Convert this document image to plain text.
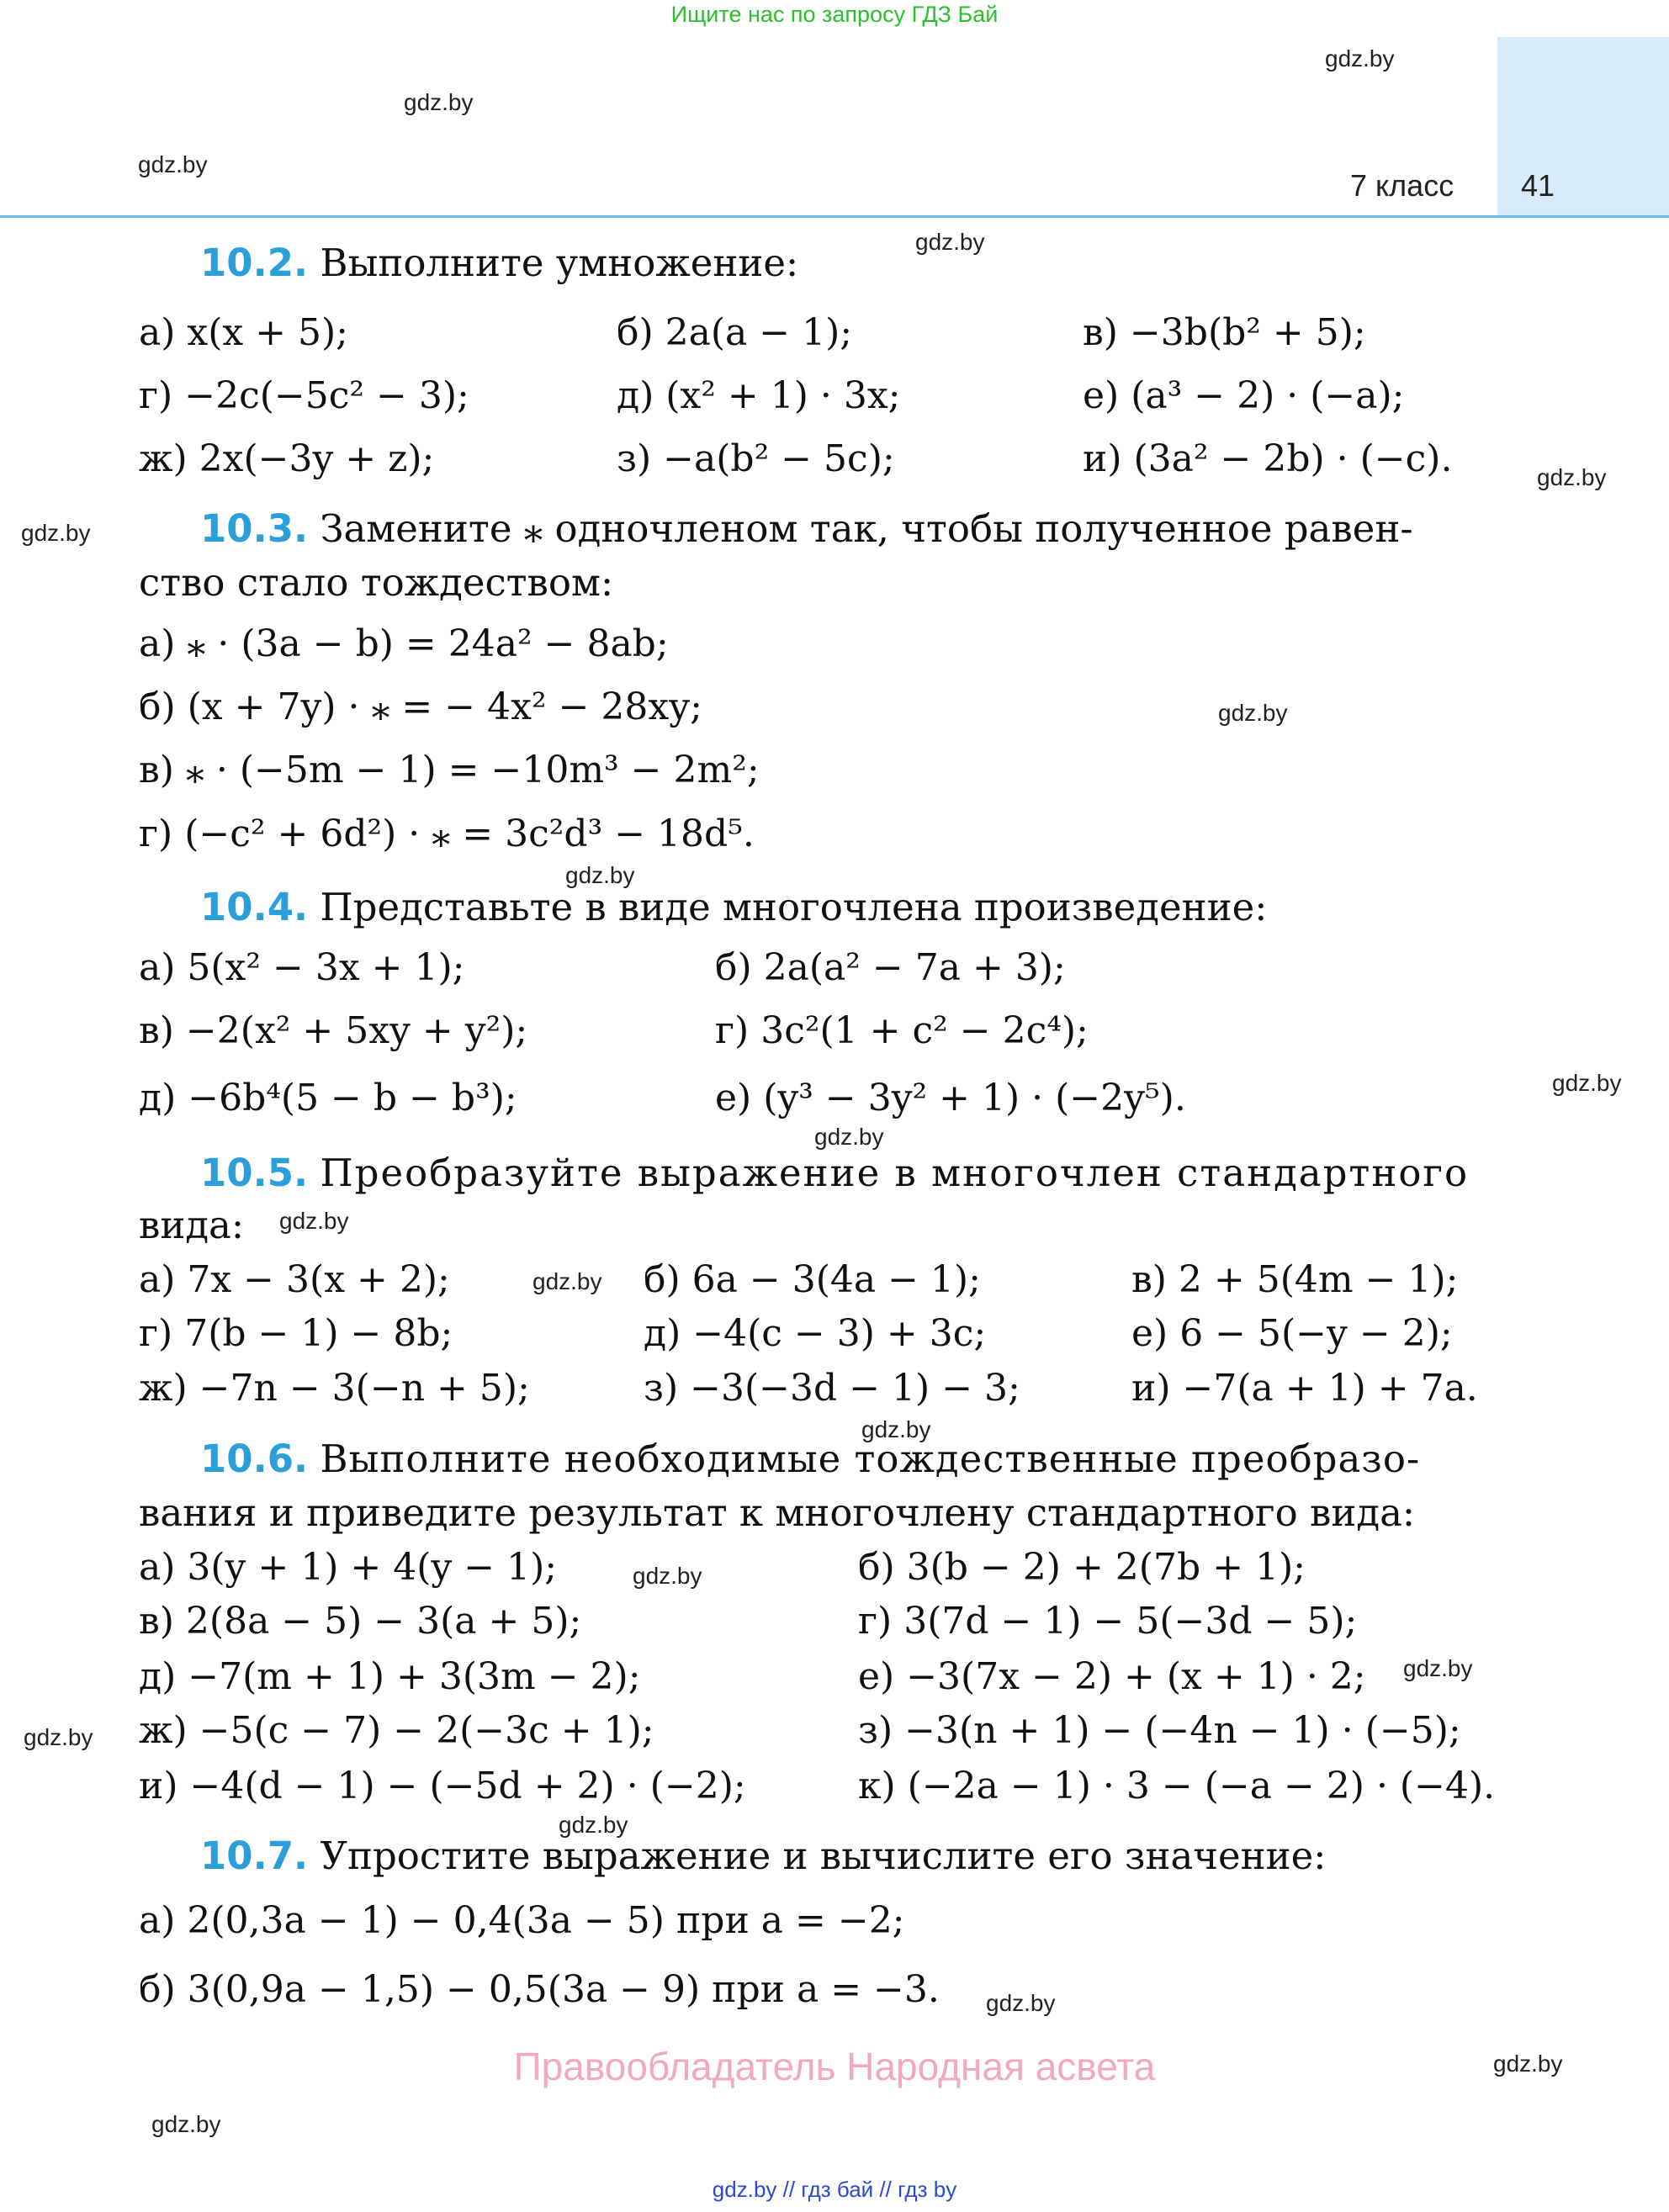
Ищите нас по запросу ГДЗ Бай
7 класс 41
gdz.by
gdz.by
gdz.by
gdz.by
gdz.by
gdz.by
gdz.by
gdz.by
gdz.by
gdz.by
gdz.by
gdz.by
gdz.by
gdz.by
gdz.by
gdz.by
gdz.by
gdz.by
gdz.by
gdz.by
10.2. Выполните умножение:
а) x(x + 5);	б) 2a(a − 1);	в) −3b(b² + 5);
г) −2c(−5c² − 3);	д) (x² + 1) · 3x;	е) (a³ − 2) · (−a);
ж) 2x(−3y + z);	з) −a(b² − 5c);	и) (3a² − 2b) · (−c).
10.3. Замените ⁎ одночленом так, чтобы полученное равен-
ство стало тождеством:
а) ⁎ · (3a − b) = 24a² − 8ab;
б) (x + 7y) · ⁎ = − 4x² − 28xy;
в) ⁎ · (−5m − 1) = −10m³ − 2m²;
г) (−c² + 6d²) · ⁎ = 3c²d³ − 18d⁵.
10.4. Представьте в виде многочлена произведение:
а) 5(x² − 3x + 1);	б) 2a(a² − 7a + 3);
в) −2(x² + 5xy + y²);	г) 3c²(1 + c² − 2c⁴);
д) −6b⁴(5 − b − b³);	е) (y³ − 3y² + 1) · (−2y⁵).
10.5. Преобразуйте выражение в многочлен стандартного
вида:
а) 7x − 3(x + 2);	б) 6a − 3(4a − 1);	в) 2 + 5(4m − 1);
г) 7(b − 1) − 8b;	д) −4(c − 3) + 3c;	е) 6 − 5(−y − 2);
ж) −7n − 3(−n + 5);	з) −3(−3d − 1) − 3;	и) −7(a + 1) + 7a.
10.6. Выполните необходимые тождественные преобразо-
вания и приведите результат к многочлену стандартного вида:
а) 3(y + 1) + 4(y − 1);	б) 3(b − 2) + 2(7b + 1);
в) 2(8a − 5) − 3(a + 5);	г) 3(7d − 1) − 5(−3d − 5);
д) −7(m + 1) + 3(3m − 2);	е) −3(7x − 2) + (x + 1) · 2;
ж) −5(c − 7) − 2(−3c + 1);	з) −3(n + 1) − (−4n − 1) · (−5);
и) −4(d − 1) − (−5d + 2) · (−2);	к) (−2a − 1) · 3 − (−a − 2) · (−4).
10.7. Упростите выражение и вычислите его значение:
а) 2(0,3a − 1) − 0,4(3a − 5) при a = −2;
б) 3(0,9a − 1,5) − 0,5(3a − 9) при a = −3.
Правообладатель Народная асвета
gdz.by // гдз бай // гдз by
